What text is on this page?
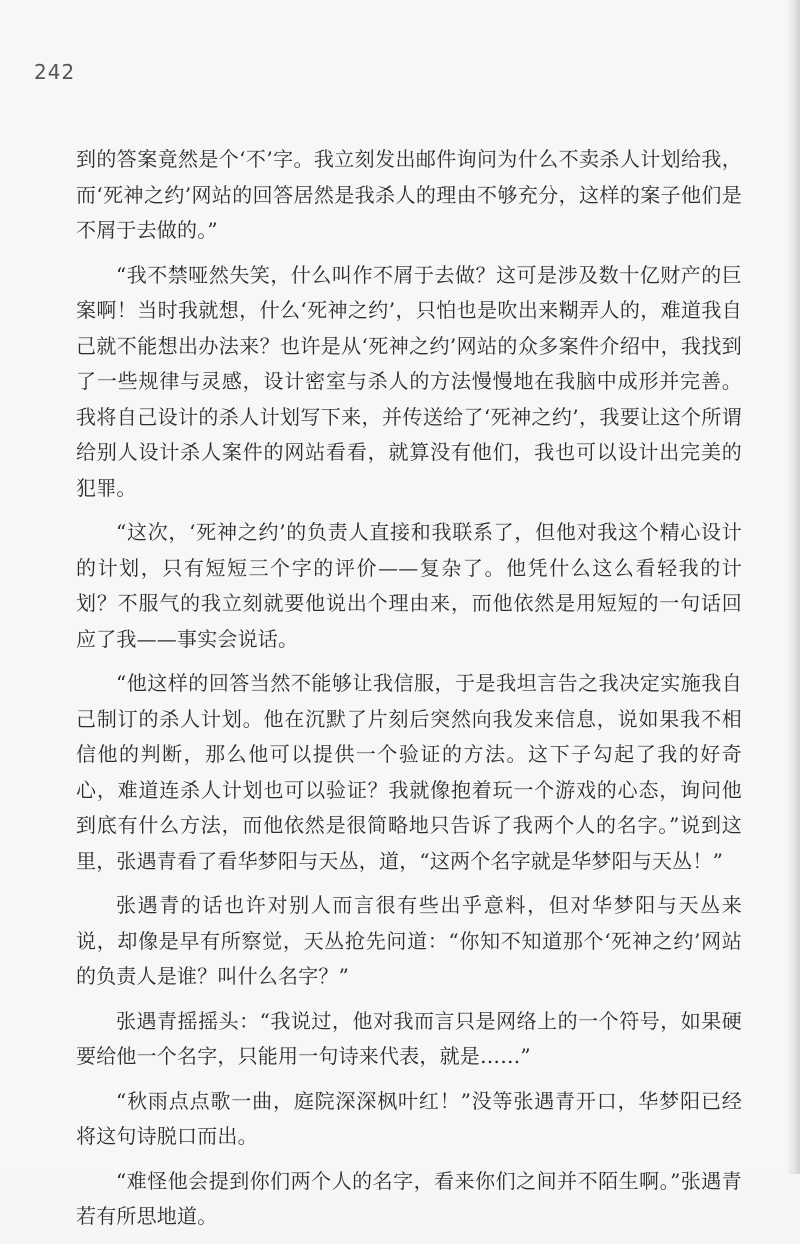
242

到的答案竟然是个‘不’字。我立刻发出邮件询问为什么不卖杀人计划给我，而‘死神之约’网站的回答居然是我杀人的理由不够充分，这样的案子他们是不屑于去做的。”

“我不禁哑然失笑，什么叫作不屑于去做？这可是涉及数十亿财产的巨案啊！当时我就想，什么‘死神之约’，只怕也是吹出来糊弄人的，难道我自己就不能想出办法来？也许是从‘死神之约’网站的众多案件介绍中，我找到了一些规律与灵感，设计密室与杀人的方法慢慢地在我脑中成形并完善。我将自己设计的杀人计划写下来，并传送给了‘死神之约’，我要让这个所谓给别人设计杀人案件的网站看看，就算没有他们，我也可以设计出完美的犯罪。

“这次，‘死神之约’的负责人直接和我联系了，但他对我这个精心设计的计划，只有短短三个字的评价——复杂了。他凭什么这么看轻我的计划？不服气的我立刻就要他说出个理由来，而他依然是用短短的一句话回应了我——事实会说话。

“他这样的回答当然不能够让我信服，于是我坦言告之我决定实施我自己制订的杀人计划。他在沉默了片刻后突然向我发来信息，说如果我不相信他的判断，那么他可以提供一个验证的方法。这下子勾起了我的好奇心，难道连杀人计划也可以验证？我就像抱着玩一个游戏的心态，询问他到底有什么方法，而他依然是很简略地只告诉了我两个人的名字。”说到这里，张遇青看了看华梦阳与天丛，道，“这两个名字就是华梦阳与天丛！”

张遇青的话也许对别人而言很有些出乎意料，但对华梦阳与天丛来说，却像是早有所察觉，天丛抢先问道：“你知不知道那个‘死神之约’网站的负责人是谁？叫什么名字？”

张遇青摇摇头：“我说过，他对我而言只是网络上的一个符号，如果硬要给他一个名字，只能用一句诗来代表，就是……”

“秋雨点点歌一曲，庭院深深枫叶红！”没等张遇青开口，华梦阳已经将这句诗脱口而出。

“难怪他会提到你们两个人的名字，看来你们之间并不陌生啊。”张遇青若有所思地道。
